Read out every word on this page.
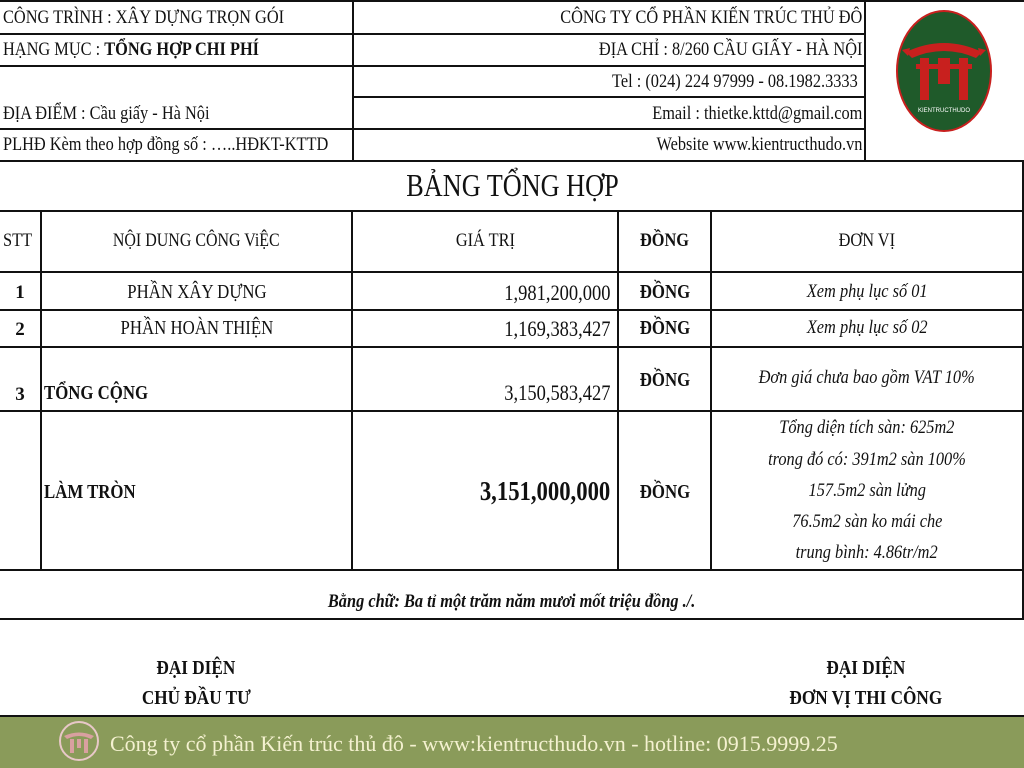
CÔNG TRÌNH : XÂY DỰNG TRỌN GÓI
HẠNG MỤC : TỔNG HỢP CHI PHÍ
ĐỊA ĐIỂM : Cầu giấy - Hà Nội
PLHĐ Kèm theo hợp đồng số : …..HĐKT-KTTD
CÔNG TY CỔ PHẦN KIẾN TRÚC THỦ ĐÔ
ĐỊA CHỈ : 8/260 CẦU GIẤY - HÀ NỘI
Tel : (024) 224 97999 - 08.1982.3333
Email : thietke.kttd@gmail.com
Website www.kientructhudo.vn
KIENTRUCTHUDO
BẢNG TỔNG HỢP
STT	NỘI DUNG CÔNG ViỆC	GIÁ TRỊ	ĐỒNG	ĐƠN VỊ
1	PHẦN XÂY DỰNG	1,981,200,000	ĐỒNG	Xem phụ lục số 01
2	PHẦN HOÀN THIỆN	1,169,383,427	ĐỒNG	Xem phụ lục số 02
3 TỔNG CỘNG	3,150,583,427	ĐỒNG	Đơn giá chưa bao gồm VAT 10%
LÀM TRÒN	3,151,000,000	ĐỒNG
Tổng diện tích sàn: 625m2
trong đó có: 391m2 sàn 100%
157.5m2 sàn lửng
76.5m2 sàn ko mái che
trung bình: 4.86tr/m2
Bằng chữ: Ba tỉ một trăm năm mươi mốt triệu đồng ./.
ĐẠI DIỆN
CHỦ ĐẦU TƯ
ĐẠI DIỆN
ĐƠN VỊ THI CÔNG
Công ty cổ phần Kiến trúc thủ đô - www:kientructhudo.vn - hotline: 0915.9999.25
